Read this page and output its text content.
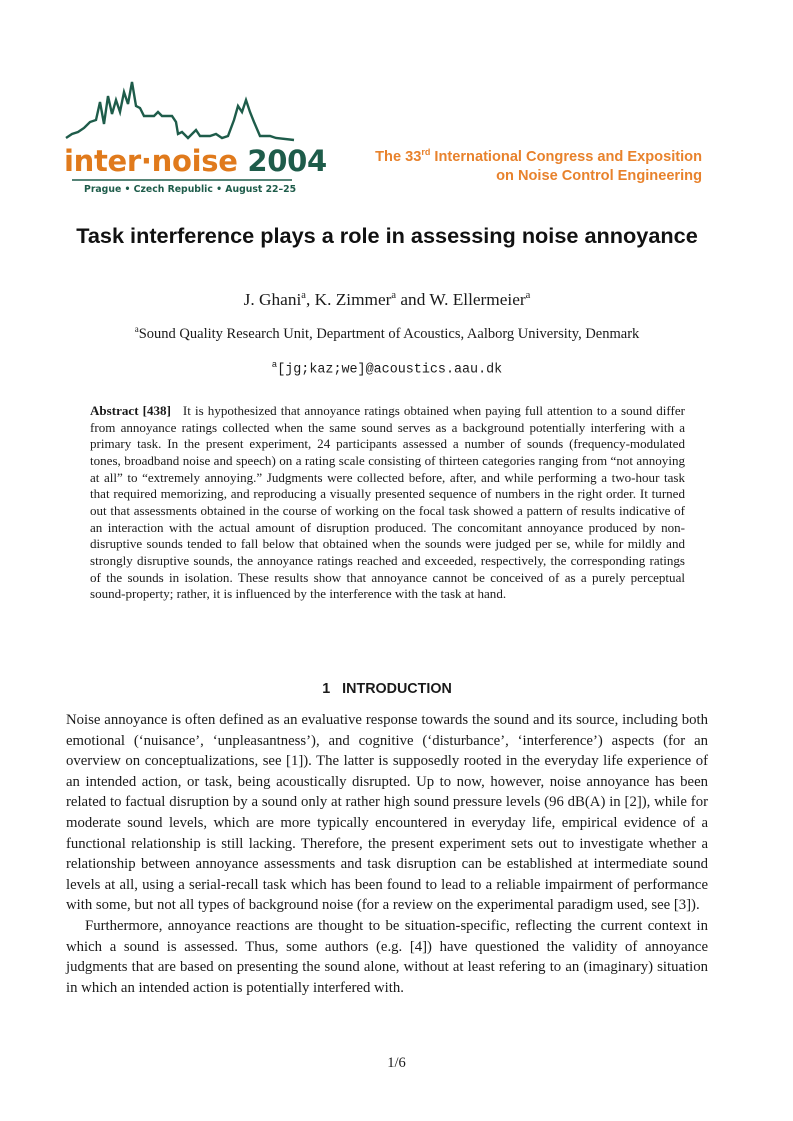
inter·noise 2004
Prague • Czech Republic • August 22–25
The 33rd International Congress and Exposition
on Noise Control Engineering
Task interference plays a role in assessing noise annoyance
J. Ghani$^a$, K. Zimmer$^a$ and W. Ellermeier$^a$
$^a$Sound Quality Research Unit, Department of Acoustics, Aalborg University, Denmark
$^a$[jg;kaz;we]@acoustics.aau.dk

Abstract [438] It is hypothesized that annoyance ratings obtained when paying full attention to a sound differ from annoyance ratings collected when the same sound serves as a background potentially interfering with a primary task. In the present experiment, 24 participants assessed a number of sounds (frequency-modulated tones, broadband noise and speech) on a rating scale consisting of thirteen categories ranging from “not annoying at all” to “extremely annoying.” Judgments were collected before, after, and while performing a two-hour task that required memorizing, and reproducing a visually presented sequence of numbers in the right order. It turned out that assessments obtained in the course of working on the focal task showed a pattern of results indicative of an interaction with the actual amount of disruption produced. The concomitant annoyance produced by non-disruptive sounds tended to fall below that obtained when the sounds were judged per se, while for mildly and strongly disruptive sounds, the annoyance ratings reached and exceeded, respectively, the corresponding ratings of the sounds in isolation. These results show that annoyance cannot be conceived of as a purely perceptual sound-property; rather, it is influenced by the interference with the task at hand.

1 INTRODUCTION

Noise annoyance is often defined as an evaluative response towards the sound and its source, including both emotional (‘nuisance’, ‘unpleasantness’), and cognitive (‘disturbance’, ‘interference’) aspects (for an overview on conceptualizations, see [1]). The latter is supposedly rooted in the everyday life experience of an intended action, or task, being acoustically disrupted. Up to now, however, noise annoyance has been related to factual disruption by a sound only at rather high sound pressure levels (96 dB(A) in [2]), while for moderate sound levels, which are more typically encountered in everyday life, empirical evidence of a functional relationship is still lacking. Therefore, the present experiment sets out to investigate whether a relationship between annoyance assessments and task disruption can be established at intermediate sound levels at all, using a serial-recall task which has been found to lead to a reliable impairment of performance with some, but not all types of background noise (for a review on the experimental paradigm used, see [3]).

Furthermore, annoyance reactions are thought to be situation-specific, reflecting the current context in which a sound is assessed. Thus, some authors (e.g. [4]) have questioned the validity of annoyance judgments that are based on presenting the sound alone, without at least refering to an (imaginary) situation in which an intended action is potentially interfered with.

1/6
